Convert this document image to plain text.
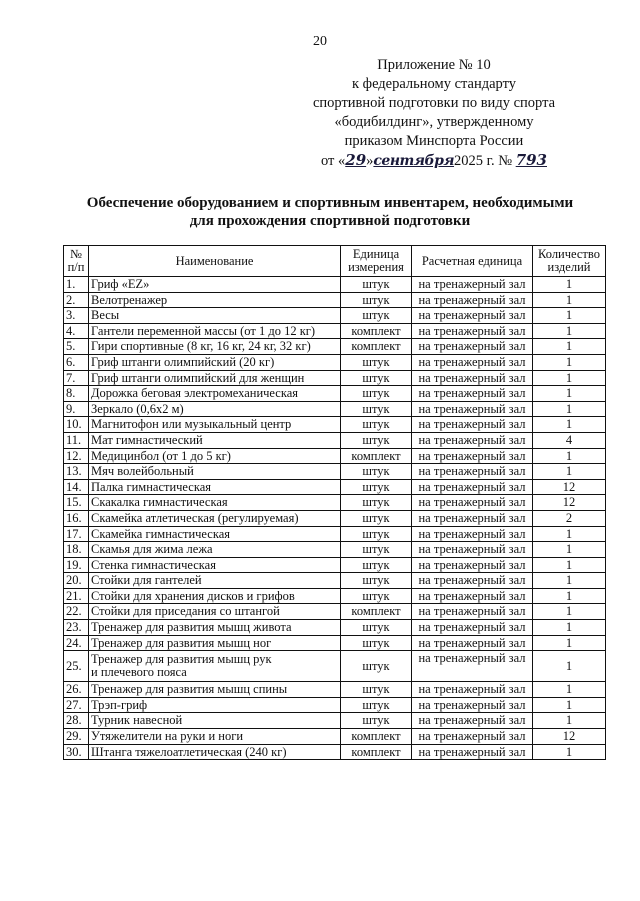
20
Приложение № 10
к федеральному стандарту
спортивной подготовки по виду спорта
«бодибилдинг», утвержденному
приказом Минспорта России
от «29»сентября2025 г. № 793
Обеспечение оборудованием и спортивным инвентарем, необходимыми
для прохождения спортивной подготовки
№ п/п	Наименование	Единица измерения	Расчетная единица	Количество изделий
1.	Гриф «EZ»	штук	на тренажерный зал	1
2.	Велотренажер	штук	на тренажерный зал	1
3.	Весы	штук	на тренажерный зал	1
4.	Гантели переменной массы (от 1 до 12 кг)	комплект	на тренажерный зал	1
5.	Гири спортивные (8 кг, 16 кг, 24 кг, 32 кг)	комплект	на тренажерный зал	1
6.	Гриф штанги олимпийский (20 кг)	штук	на тренажерный зал	1
7.	Гриф штанги олимпийский для женщин	штук	на тренажерный зал	1
8.	Дорожка беговая электромеханическая	штук	на тренажерный зал	1
9.	Зеркало (0,6х2 м)	штук	на тренажерный зал	1
10.	Магнитофон или музыкальный центр	штук	на тренажерный зал	1
11.	Мат гимнастический	штук	на тренажерный зал	4
12.	Медицинбол (от 1 до 5 кг)	комплект	на тренажерный зал	1
13.	Мяч волейбольный	штук	на тренажерный зал	1
14.	Палка гимнастическая	штук	на тренажерный зал	12
15.	Скакалка гимнастическая	штук	на тренажерный зал	12
16.	Скамейка атлетическая (регулируемая)	штук	на тренажерный зал	2
17.	Скамейка гимнастическая	штук	на тренажерный зал	1
18.	Скамья для жима лежа	штук	на тренажерный зал	1
19.	Стенка гимнастическая	штук	на тренажерный зал	1
20.	Стойки для гантелей	штук	на тренажерный зал	1
21.	Стойки для хранения дисков и грифов	штук	на тренажерный зал	1
22.	Стойки для приседания со штангой	комплект	на тренажерный зал	1
23.	Тренажер для развития мышц живота	штук	на тренажерный зал	1
24.	Тренажер для развития мышц ног	штук	на тренажерный зал	1
25.	Тренажер для развития мышц рук
и плечевого пояса	штук	на тренажерный зал	1
26.	Тренажер для развития мышц спины	штук	на тренажерный зал	1
27.	Трэп-гриф	штук	на тренажерный зал	1
28.	Турник навесной	штук	на тренажерный зал	1
29.	Утяжелители на руки и ноги	комплект	на тренажерный зал	12
30.	Штанга тяжелоатлетическая (240 кг)	комплект	на тренажерный зал	1
